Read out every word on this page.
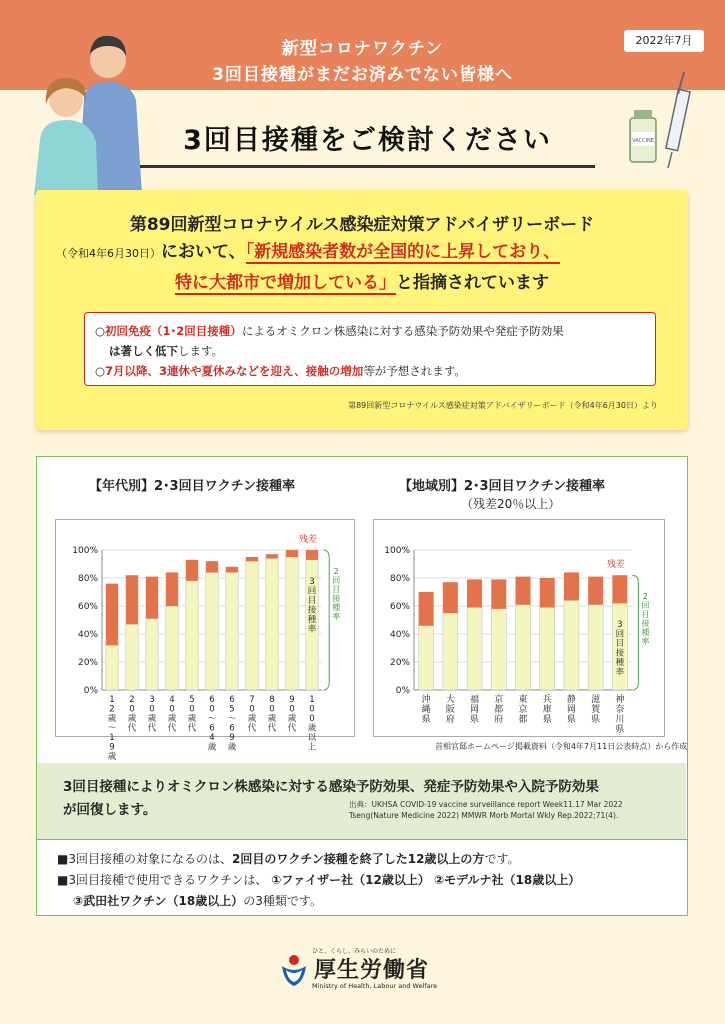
新型コロナワクチン
3回目接種がまだお済みでない皆様へ
2022年7月
VACCINE
3回目接種をご検討ください
第89回新型コロナウイルス感染症対策アドバイザリーボード
（令和4年6月30日）において、「新規感染者数が全国的に上昇しており、
特に大都市で増加している」と指摘されています
○初回免疫（1･2回目接種）によるオミクロン株感染に対する感染予防効果や発症予防効果
は著しく低下します。
○7月以降、3連休や夏休みなどを迎え、接触の増加等が予想されます。
第89回新型コロナウイルス感染症対策アドバイザリーボード（令和4年6月30日）より
【年代別】2･3回目ワクチン接種率	【地域別】2･3回目ワクチン接種率
（残差20％以上）
0%
20%
40%
60%
80%
100%
1 2 歳～ 1 9 歳
2 0 歳代
3 0 歳代
4 0 歳代
5 0 歳代
6 0 ～ 6 4 歳
6 5 ～ 6 9 歳
7 0 歳代
8 0 歳代
9 0 歳代
1 0 0 歳以上
残差
3 回目接種率
2 回目接種率
0%
20%
40%
60%
80%
100%
沖縄県
大阪府
福岡県
京都府
東京都
兵庫県
静岡県
滋賀県
神奈川県
残差
3 回目接種率
2 回目接種率
首相官邸ホームページ掲載資料（令和4年7月11日公表時点）から作成
3回目接種によりオミクロン株感染に対する感染予防効果、発症予防効果や入院予防効果
が回復します。	出典：UKHSA COVID-19 vaccine surveillance report Week11.17 Mar 2022
Tseng(Nature Medicine 2022) MMWR Morb Mortal Wkly Rep.2022;71(4).
■3回目接種の対象になるのは、2回目のワクチン接種を終了した12歳以上の方です。
■3回目接種で使用できるワクチンは、 ①ファイザー社（12歳以上） ②モデルナ社（18歳以上）
③武田社ワクチン（18歳以上）の3種類です。
ひと、くらし、みらいのために
厚生労働省
Ministry of Health, Labour and Welfare
